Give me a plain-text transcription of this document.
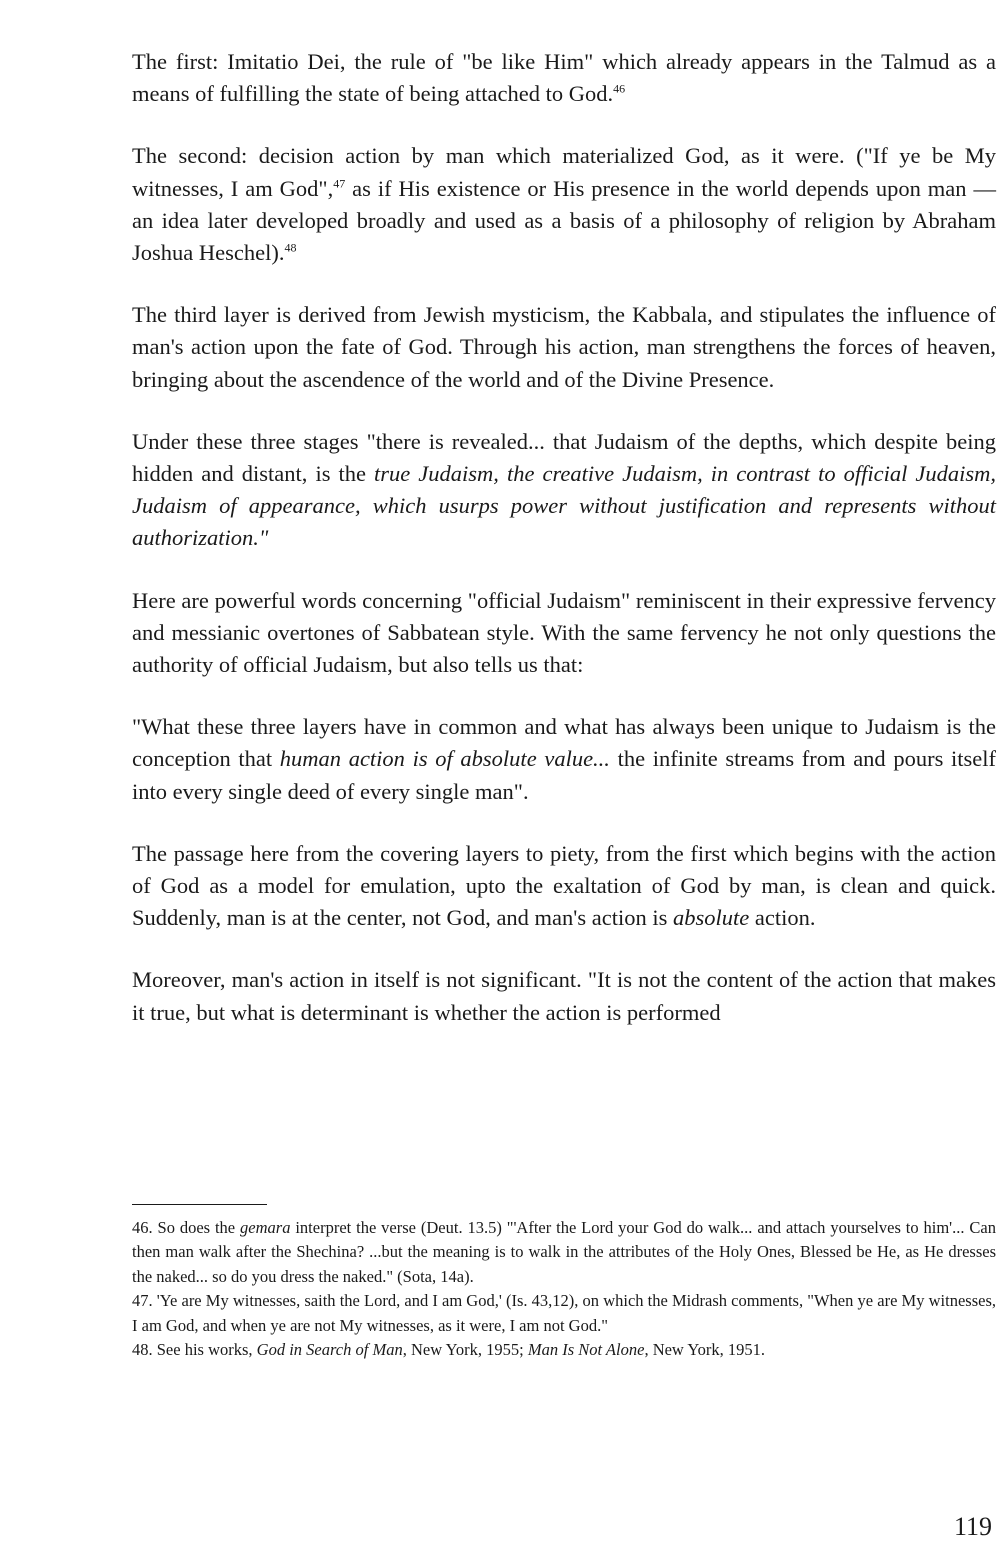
The first: Imitatio Dei, the rule of "be like Him" which already appears in the Talmud as a means of fulfilling the state of being attached to God.$^{46}$

The second: decision action by man which materialized God, as it were. ("If ye be My witnesses, I am God",$^{47}$ as if His existence or His presence in the world depends upon man — an idea later developed broadly and used as a basis of a philosophy of religion by Abraham Joshua Heschel).$^{48}$

The third layer is derived from Jewish mysticism, the Kabbala, and stipulates the influence of man's action upon the fate of God. Through his action, man strengthens the forces of heaven, bringing about the ascendence of the world and of the Divine Presence.

Under these three stages "there is revealed... that Judaism of the depths, which despite being hidden and distant, is the true Judaism, the creative Judaism, in contrast to official Judaism, Judaism of appearance, which usurps power without justification and represents without authorization."

Here are powerful words concerning "official Judaism" reminiscent in their expressive fervency and messianic overtones of Sabbatean style. With the same fervency he not only questions the authority of official Judaism, but also tells us that:

"What these three layers have in common and what has always been unique to Judaism is the conception that human action is of absolute value... the infinite streams from and pours itself into every single deed of every single man".

The passage here from the covering layers to piety, from the first which begins with the action of God as a model for emulation, upto the exaltation of God by man, is clean and quick. Suddenly, man is at the center, not God, and man's action is absolute action.

Moreover, man's action in itself is not significant. "It is not the content of the action that makes it true, but what is determinant is whether the action is performed

46. So does the gemara interpret the verse (Deut. 13.5) "'After the Lord your God do walk... and attach yourselves to him'... Can then man walk after the Shechina? ...but the meaning is to walk in the attributes of the Holy Ones, Blessed be He, as He dresses the naked... so do you dress the naked." (Sota, 14a).

47. 'Ye are My witnesses, saith the Lord, and I am God,' (Is. 43,12), on which the Midrash comments, "When ye are My witnesses, I am God, and when ye are not My witnesses, as it were, I am not God."

48. See his works, God in Search of Man, New York, 1955; Man Is Not Alone, New York, 1951.

119
